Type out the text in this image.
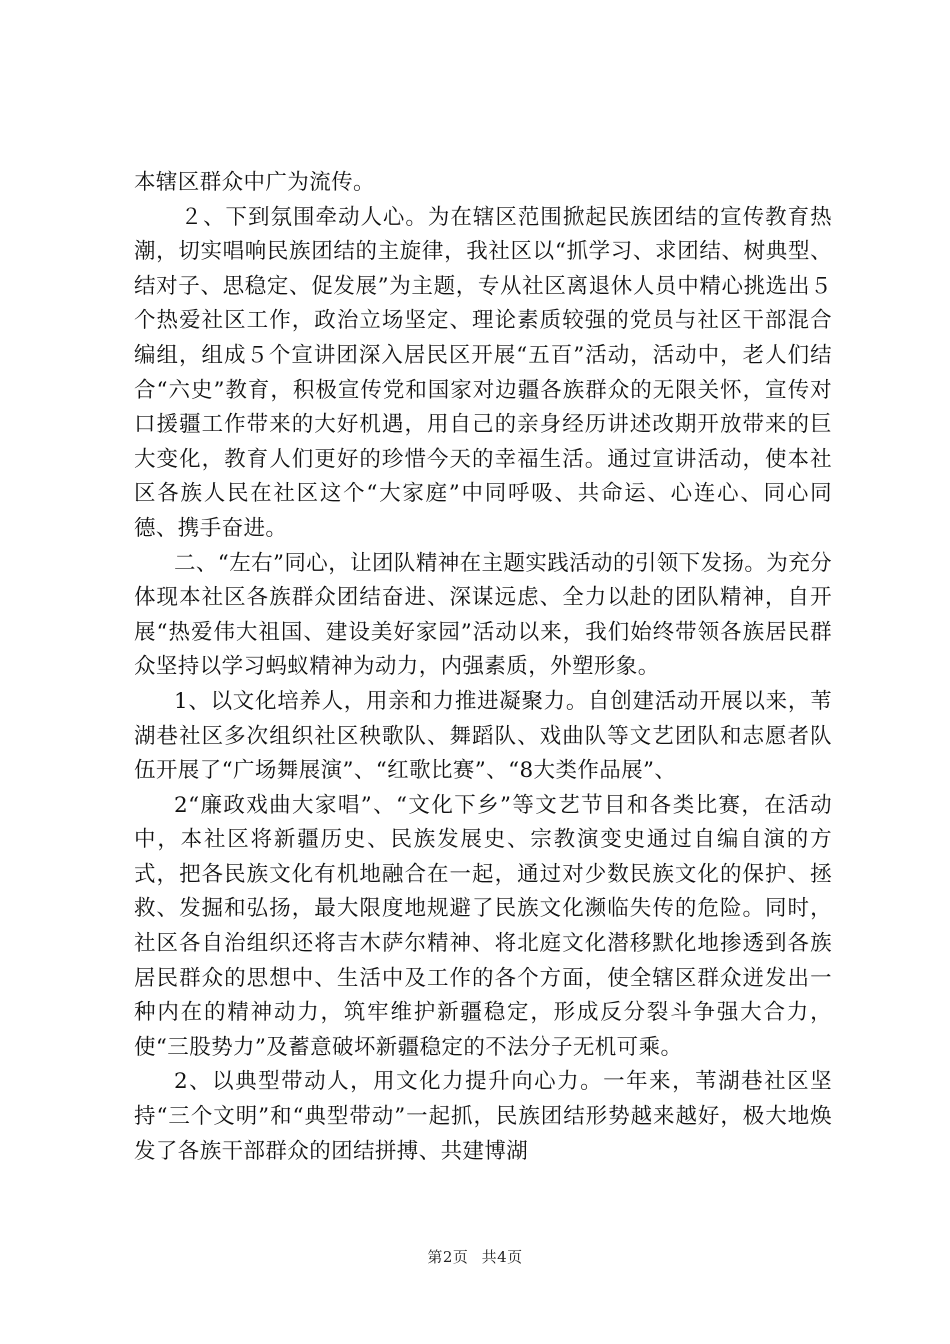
本辖区群众中广为流传。

２、下到氛围牵动人心。为在辖区范围掀起民族团结的宣传教育热潮，切实唱响民族团结的主旋律，我社区以“抓学习、求团结、树典型、结对子、思稳定、促发展”为主题，专从社区离退休人员中精心挑选出５个热爱社区工作，政治立场坚定、理论素质较强的党员与社区干部混合编组，组成５个宣讲团深入居民区开展“五百”活动，活动中，老人们结合“六史”教育，积极宣传党和国家对边疆各族群众的无限关怀，宣传对口援疆工作带来的大好机遇，用自己的亲身经历讲述改期开放带来的巨大变化，教育人们更好的珍惜今天的幸福生活。通过宣讲活动，使本社区各族人民在社区这个“大家庭”中同呼吸、共命运、心连心、同心同德、携手奋进。

二、“左右”同心，让团队精神在主题实践活动的引领下发扬。为充分体现本社区各族群众团结奋进、深谋远虑、全力以赴的团队精神，自开展“热爱伟大祖国、建设美好家园”活动以来，我们始终带领各族居民群众坚持以学习蚂蚁精神为动力，内强素质，外塑形象。

1、以文化培养人，用亲和力推进凝聚力。自创建活动开展以来，苇湖巷社区多次组织社区秧歌队、舞蹈队、戏曲队等文艺团队和志愿者队伍开展了“广场舞展演”、“红歌比赛”、“8大类作品展”、

2“廉政戏曲大家唱”、“文化下乡”等文艺节目和各类比赛，在活动中，本社区将新疆历史、民族发展史、宗教演变史通过自编自演的方式，把各民族文化有机地融合在一起，通过对少数民族文化的保护、拯救、发掘和弘扬，最大限度地规避了民族文化濒临失传的危险。同时，社区各自治组织还将吉木萨尔精神、将北庭文化潜移默化地掺透到各族居民群众的思想中、生活中及工作的各个方面，使全辖区群众迸发出一种内在的精神动力，筑牢维护新疆稳定，形成反分裂斗争强大合力，使“三股势力”及蓄意破坏新疆稳定的不法分子无机可乘。

2、以典型带动人，用文化力提升向心力。一年来，苇湖巷社区坚持“三个文明”和“典型带动”一起抓，民族团结形势越来越好，极大地焕发了各族干部群众的团结拼搏、共建博湖

第2页 共4页
